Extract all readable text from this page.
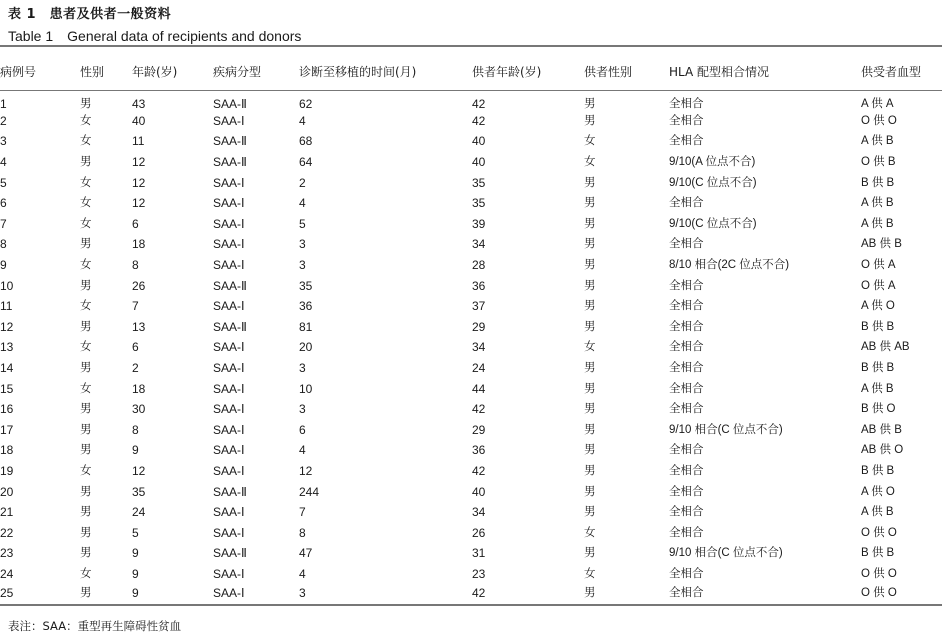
表 1　患者及供者一般资料
Table 1　General data of recipients and donors
病例号	性别	年龄(岁)	疾病分型	诊断至移植的时间(月)	供者年龄(岁)	供者性别	HLA 配型相合情况	供受者血型
1	男	43	SAA-Ⅱ	62	42	男	全相合	A 供 A
2	女	40	SAA-Ⅰ	4	42	男	全相合	O 供 O
3	女	11	SAA-Ⅱ	68	40	女	全相合	A 供 B
4	男	12	SAA-Ⅱ	64	40	女	9/10(A 位点不合)	O 供 B
5	女	12	SAA-Ⅰ	2	35	男	9/10(C 位点不合)	B 供 B
6	女	12	SAA-Ⅰ	4	35	男	全相合	A 供 B
7	女	6	SAA-Ⅰ	5	39	男	9/10(C 位点不合)	A 供 B
8	男	18	SAA-Ⅰ	3	34	男	全相合	AB 供 B
9	女	8	SAA-Ⅰ	3	28	男	8/10 相合(2C 位点不合)	O 供 A
10	男	26	SAA-Ⅱ	35	36	男	全相合	O 供 A
11	女	7	SAA-Ⅰ	36	37	男	全相合	A 供 O
12	男	13	SAA-Ⅱ	81	29	男	全相合	B 供 B
13	女	6	SAA-Ⅰ	20	34	女	全相合	AB 供 AB
14	男	2	SAA-Ⅰ	3	24	男	全相合	B 供 B
15	女	18	SAA-Ⅰ	10	44	男	全相合	A 供 B
16	男	30	SAA-Ⅰ	3	42	男	全相合	B 供 O
17	男	8	SAA-Ⅰ	6	29	男	9/10 相合(C 位点不合)	AB 供 B
18	男	9	SAA-Ⅰ	4	36	男	全相合	AB 供 O
19	女	12	SAA-Ⅰ	12	42	男	全相合	B 供 B
20	男	35	SAA-Ⅱ	244	40	男	全相合	A 供 O
21	男	24	SAA-Ⅰ	7	34	男	全相合	A 供 B
22	男	5	SAA-Ⅰ	8	26	女	全相合	O 供 O
23	男	9	SAA-Ⅱ	47	31	男	9/10 相合(C 位点不合)	B 供 B
24	女	9	SAA-Ⅰ	4	23	女	全相合	O 供 O
25	男	9	SAA-Ⅰ	3	42	男	全相合	O 供 O
表注：SAA：重型再生障碍性贫血
